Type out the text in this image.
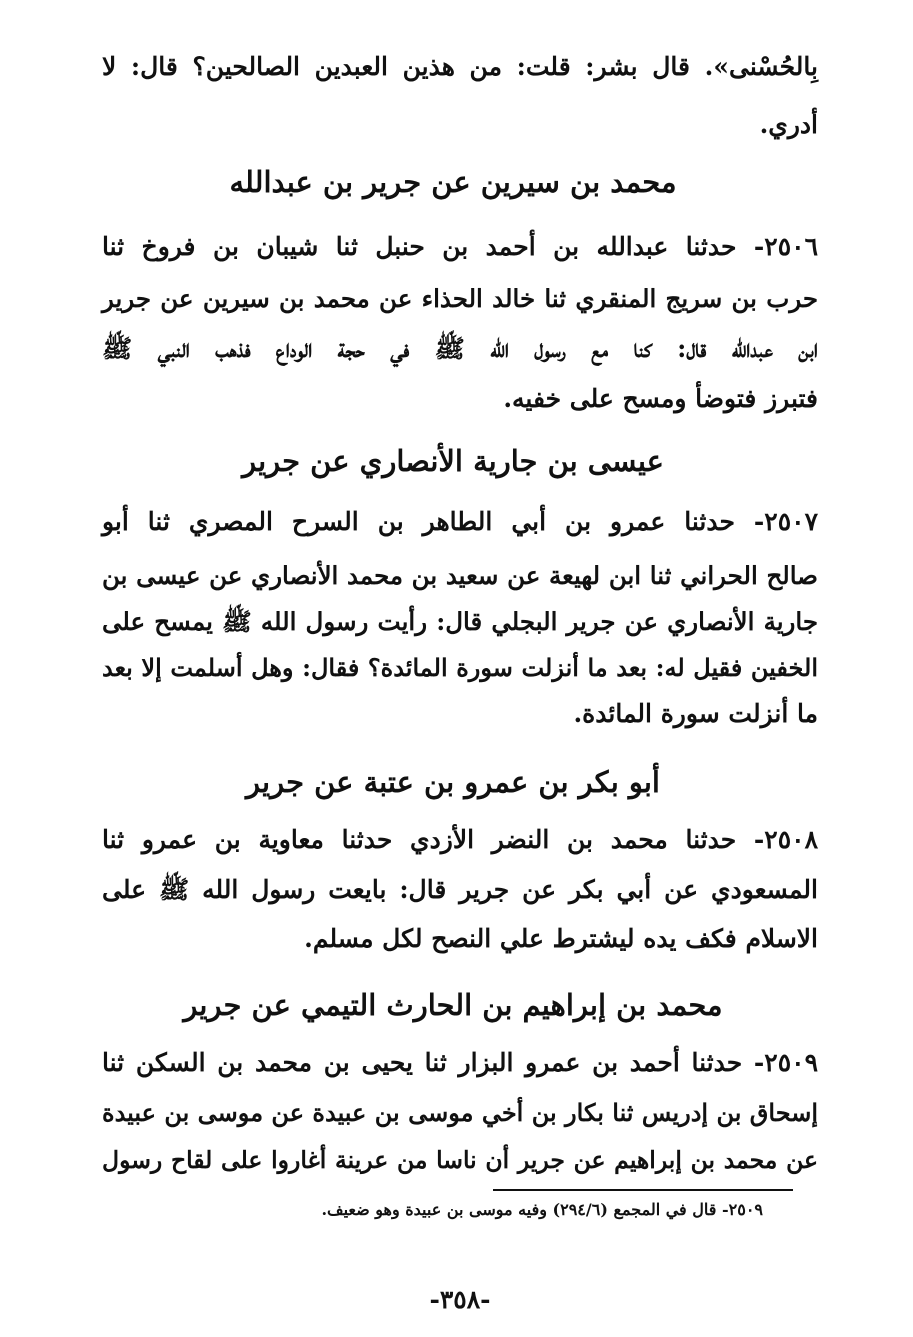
بِالحُسْنى». قال بشر: قلت: من هذين العبدين الصالحين؟ قال: لا
أدري.
محمد بن سيرين عن جرير بن عبدالله
٢٥٠٦- حدثنا عبدالله بن أحمد بن حنبل ثنا شيبان بن فروخ ثنا
حرب بن سريج المنقري ثنا خالد الحذاء عن محمد بن سيرين عن جرير
ابن عبدالله قال: كنا مع رسول الله ﷺ في حجة الوداع فذهب النبي ﷺ
فتبرز فتوضأ ومسح على خفيه.
عيسى بن جارية الأنصاري عن جرير
٢٥٠٧- حدثنا عمرو بن أبي الطاهر بن السرح المصري ثنا أبو
صالح الحراني ثنا ابن لهيعة عن سعيد بن محمد الأنصاري عن عيسى بن
جارية الأنصاري عن جرير البجلي قال: رأيت رسول الله ﷺ يمسح على
الخفين فقيل له: بعد ما أنزلت سورة المائدة؟ فقال: وهل أسلمت إلا بعد
ما أنزلت سورة المائدة.
أبو بكر بن عمرو بن عتبة عن جرير
٢٥٠٨- حدثنا محمد بن النضر الأزدي حدثنا معاوية بن عمرو ثنا
المسعودي عن أبي بكر عن جرير قال: بايعت رسول الله ﷺ على
الاسلام فكف يده ليشترط علي النصح لكل مسلم.
محمد بن إبراهيم بن الحارث التيمي عن جرير
٢٥٠٩- حدثنا أحمد بن عمرو البزار ثنا يحيى بن محمد بن السكن ثنا
إسحاق بن إدريس ثنا بكار بن أخي موسى بن عبيدة عن موسى بن عبيدة
عن محمد بن إبراهيم عن جرير أن ناسا من عرينة أغاروا على لقاح رسول
٢٥٠٩- قال في المجمع (٢٩٤/٦) وفيه موسى بن عبيدة وهو ضعيف.
-٣٥٨-
